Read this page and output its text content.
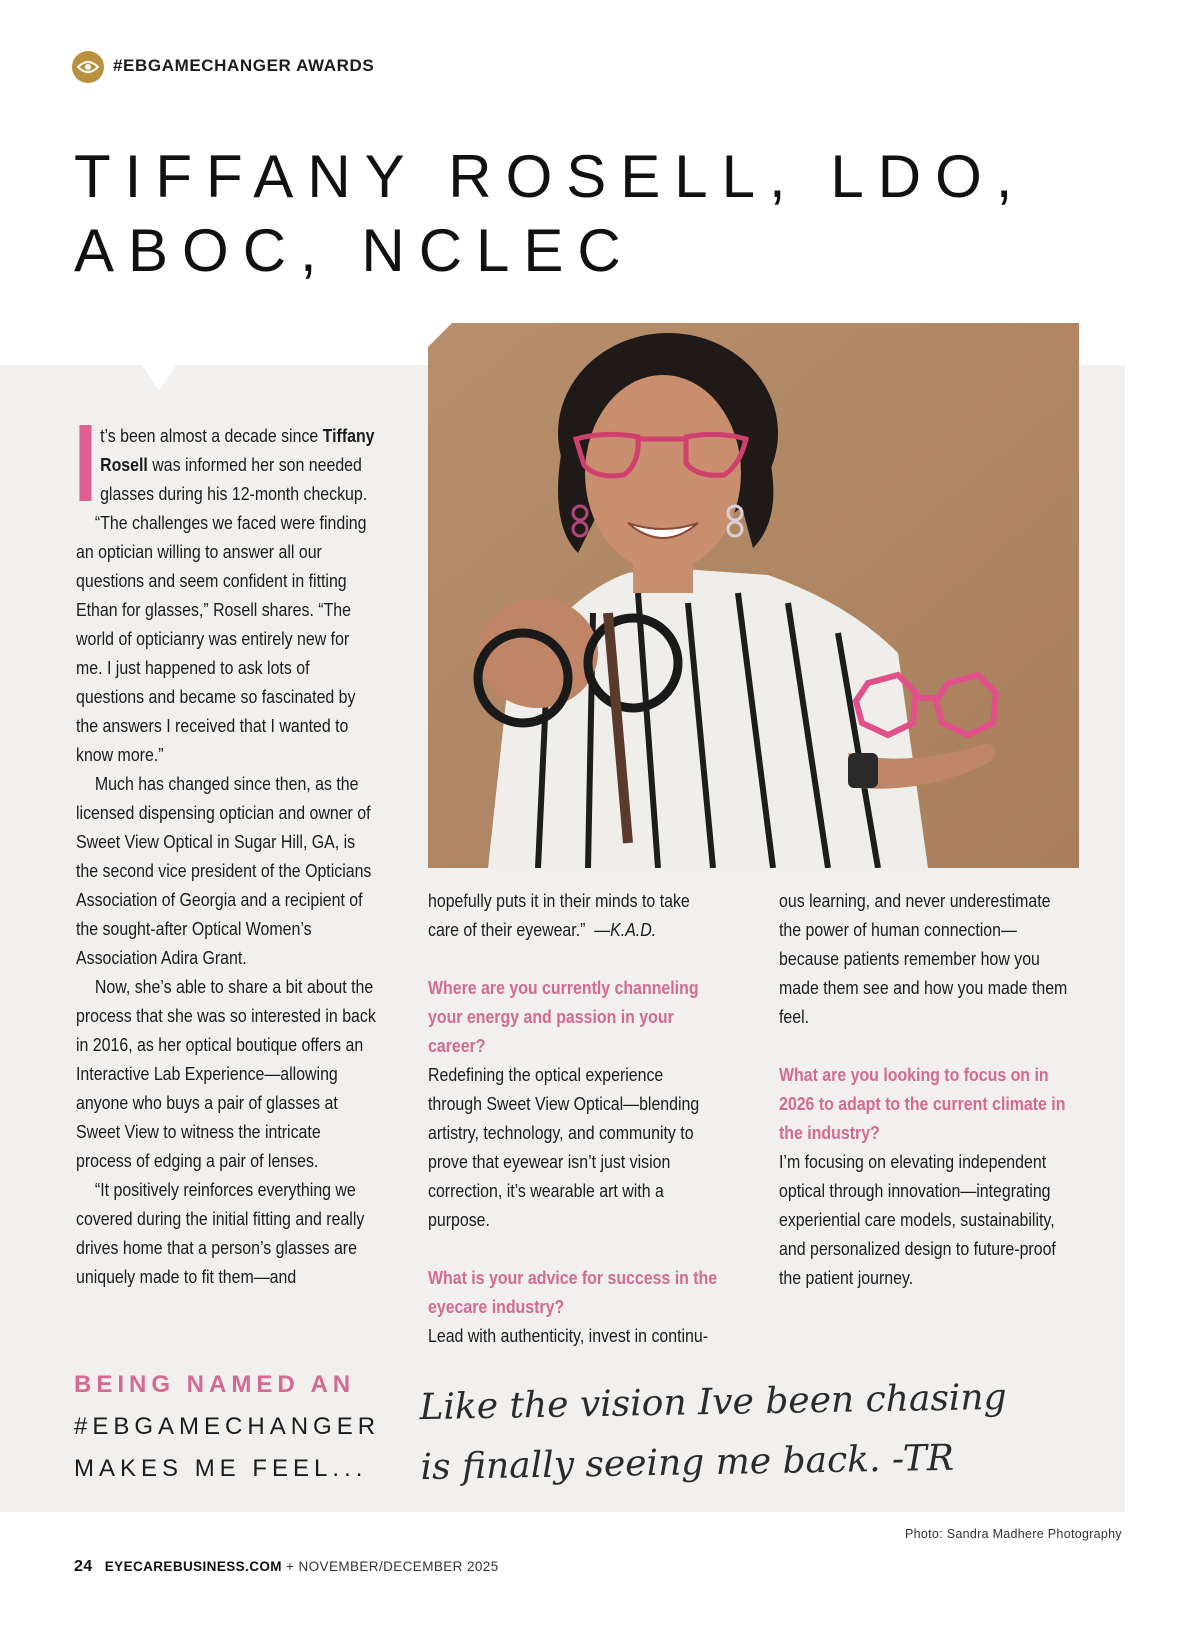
#EBGAMECHANGER AWARDS
TIFFANY ROSELL, LDO,
ABOC, NCLEC

t’s been almost a decade since Tiffany Rosell was informed her son needed glasses during his 12-month checkup.

“The challenges we faced were finding an optician willing to answer all our questions and seem confident in fitting Ethan for glasses,” Rosell shares. “The world of opticianry was entirely new for me. I just happened to ask lots of questions and became so fascinated by the answers I received that I wanted to know more.”

Much has changed since then, as the licensed dispensing optician and owner of Sweet View Optical in Sugar Hill, GA, is the second vice president of the Opticians Association of Georgia and a recipient of the sought-after Optical Women’s Association Adira Grant.

Now, she’s able to share a bit about the process that she was so interested in back in 2016, as her optical boutique offers an Interactive Lab Experience—allowing anyone who buys a pair of glasses at Sweet View to witness the intricate process of edging a pair of lenses.

“It positively reinforces everything we covered during the initial fitting and really drives home that a person’s glasses are uniquely made to fit them—and

hopefully puts it in their minds to take care of their eyewear.” —K.A.D.

Where are you currently channeling your energy and passion in your career?

Redefining the optical experience through Sweet View Optical—blending artistry, technology, and community to prove that eyewear isn’t just vision correction, it’s wearable art with a purpose.

What is your advice for success in the eyecare industry?

Lead with authenticity, invest in continu-

ous learning, and never underestimate the power of human connection—because patients remember how you made them see and how you made them feel.

What are you looking to focus on in 2026 to adapt to the current climate in the industry?

I’m focusing on elevating independent optical through innovation—integrating experiential care models, sustainability, and personalized design to future-proof the patient journey.

BEING NAMED AN
#EBGAMECHANGER
MAKES ME FEEL...
Like the vision Ive been chasing
is finally seeing me back. -TR
Photo: Sandra Madhere Photography
24 EYECAREBUSINESS.COM + NOVEMBER/DECEMBER 2025
